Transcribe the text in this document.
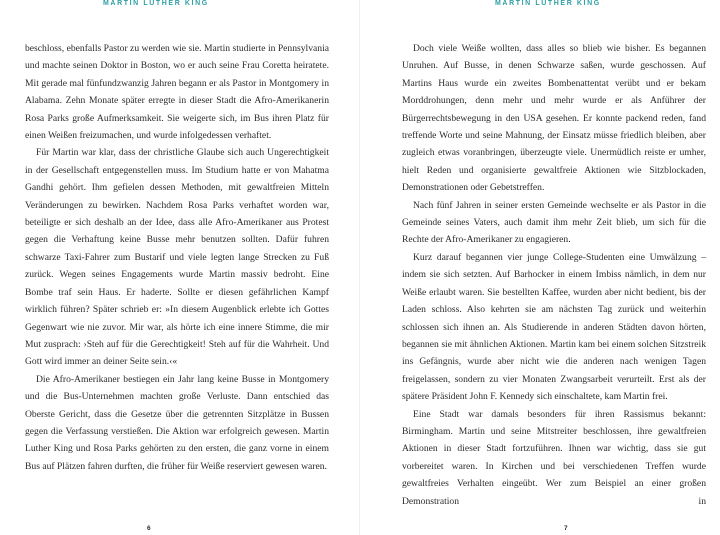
MARTIN LUTHER KING

beschloss, ebenfalls Pastor zu werden wie sie. Martin studierte in Pennsylvania und machte seinen Doktor in Boston, wo er auch seine Frau Coretta heiratete. Mit gerade mal fünfundzwanzig Jahren begann er als Pastor in Montgomery in Alabama. Zehn Monate später erregte in dieser Stadt die Afro-Amerikanerin Rosa Parks große Aufmerksamkeit. Sie weigerte sich, im Bus ihren Platz für einen Weißen freizumachen, und wurde infolgedessen verhaftet.

Für Martin war klar, dass der christliche Glaube sich auch Ungerechtigkeit in der Gesellschaft entgegenstellen muss. Im Studium hatte er von Mahatma Gandhi gehört. Ihm gefielen dessen Methoden, mit gewaltfreien Mitteln Veränderungen zu bewirken. Nachdem Rosa Parks verhaftet worden war, beteiligte er sich deshalb an der Idee, dass alle Afro-Amerikaner aus Protest gegen die Verhaftung keine Busse mehr benutzen sollten. Dafür fuhren schwarze Taxi-Fahrer zum Bustarif und viele legten lange Strecken zu Fuß zurück. Wegen seines Engagements wurde Martin massiv bedroht. Eine Bombe traf sein Haus. Er haderte. Sollte er diesen gefährlichen Kampf wirklich führen? Später schrieb er: »In diesem Augenblick erlebte ich Gottes Gegenwart wie nie zuvor. Mir war, als hörte ich eine innere Stimme, die mir Mut zusprach: ›Steh auf für die Gerechtigkeit! Steh auf für die Wahrheit. Und Gott wird immer an deiner Seite sein.‹«

Die Afro-Amerikaner bestiegen ein Jahr lang keine Busse in Montgomery und die Bus-Unternehmen machten große Verluste. Dann entschied das Oberste Gericht, dass die Gesetze über die getrennten Sitzplätze in Bussen gegen die Verfassung verstießen. Die Aktion war erfolgreich gewesen. Martin Luther King und Rosa Parks gehörten zu den ersten, die ganz vorne in einem Bus auf Plätzen fahren durften, die früher für Weiße reserviert gewesen waren.

6
MARTIN LUTHER KING

Doch viele Weiße wollten, dass alles so blieb wie bisher. Es begannen Unruhen. Auf Busse, in denen Schwarze saßen, wurde geschossen. Auf Martins Haus wurde ein zweites Bombenattentat verübt und er bekam Morddrohungen, denn mehr und mehr wurde er als Anführer der Bürgerrechtsbewegung in den USA gesehen. Er konnte packend reden, fand treffende Worte und seine Mahnung, der Einsatz müsse friedlich bleiben, aber zugleich etwas voranbringen, überzeugte viele. Unermüdlich reiste er umher, hielt Reden und organisierte gewaltfreie Aktionen wie Sitzblockaden, Demonstrationen oder Gebetstreffen.

Nach fünf Jahren in seiner ersten Gemeinde wechselte er als Pastor in die Gemeinde seines Vaters, auch damit ihm mehr Zeit blieb, um sich für die Rechte der Afro-Amerikaner zu engagieren.

Kurz darauf begannen vier junge College-Studenten eine Umwälzung – indem sie sich setzten. Auf Barhocker in einem Imbiss nämlich, in dem nur Weiße erlaubt waren. Sie bestellten Kaffee, wurden aber nicht bedient, bis der Laden schloss. Also kehrten sie am nächsten Tag zurück und weiterhin schlossen sich ihnen an. Als Studierende in anderen Städten davon hörten, begannen sie mit ähnlichen Aktionen. Martin kam bei einem solchen Sitzstreik ins Gefängnis, wurde aber nicht wie die anderen nach wenigen Tagen freigelassen, sondern zu vier Monaten Zwangsarbeit verurteilt. Erst als der spätere Präsident John F. Kennedy sich einschaltete, kam Martin frei.

Eine Stadt war damals besonders für ihren Rassismus bekannt: Birmingham. Martin und seine Mitstreiter beschlossen, ihre gewaltfreien Aktionen in dieser Stadt fortzuführen. Ihnen war wichtig, dass sie gut vorbereitet waren. In Kirchen und bei verschiedenen Treffen wurde gewaltfreies Verhalten eingeübt. Wer zum Beispiel an einer großen Demonstration in

7
